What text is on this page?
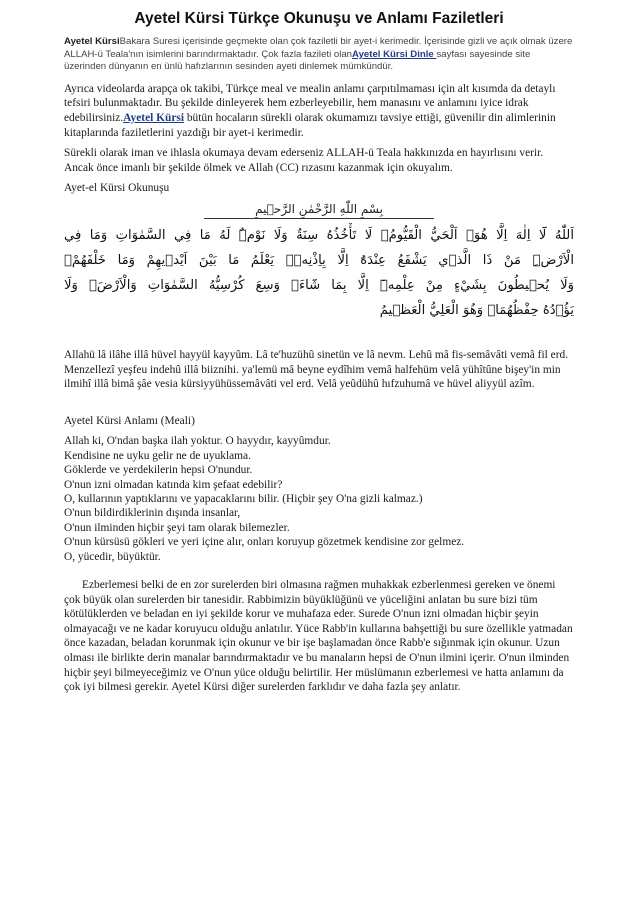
Ayetel Kürsi Türkçe Okunuşu ve Anlamı Faziletleri

Ayetel KürsiBakara Suresi içerisinde geçmekte olan çok faziletli bir ayet-i kerimedir. İçerisinde gizli ve açık olmak üzere ALLAH-ü Teala'nın isimlerini barındırmaktadır. Çok fazla fazileti olanAyetel Kürsi Dinle sayfası sayesinde site üzerinden dünyanın en ünlü hafızlarının sesinden ayeti dinlemek mümkündür.

Ayrıca videolarda arapça ok takibi, Türkçe meal ve mealin anlamı çarpıtılmaması için alt kısımda da detaylı tefsiri bulunmaktadır. Bu şekilde dinleyerek hem ezberleyebilir, hem manasını ve anlamını iyice idrak edebilirsiniz.Ayetel Kürsi bütün hocaların sürekli olarak okumamızı tavsiye ettiği, güvenilir din alimlerinin kitaplarında faziletlerini yazdığı bir ayet-i kerimedir.

Sürekli olarak iman ve ihlasla okumaya devam ederseniz ALLAH-ü Teala hakkınızda en hayırlısını verir. Ancak önce imanlı bir şekilde ölmek ve Allah (CC) rızasını kazanmak için okuyalım.

Ayet-el Kürsi Okunuşu

بِسْمِ اللّٰهِ الرَّحْمٰنِ الرَّح۪يمِ
اَللّٰهُ لَٓا اِلٰهَ اِلَّا هُوَۚ اَلْحَيُّ الْقَيُّومُۚ لَا تَأْخُذُهُ سِنَةٌ وَلَا نَوْمٌۜ لَهُ مَا فِي السَّمٰوَاتِ وَمَا فِي
الْاَرْضِۜ مَنْ ذَا الَّذ۪ي يَشْفَعُ عِنْدَهُٓ اِلَّا بِاِذْنِه۪ۜ يَعْلَمُ مَا بَيْنَ اَيْد۪يهِمْ وَمَا خَلْفَهُمْۚ
وَلَا يُح۪يطُونَ بِشَيْءٍ مِنْ عِلْمِه۪ٓ اِلَّا بِمَا شَٓاءَۚ وَسِعَ كُرْسِيُّهُ السَّمٰوَاتِ وَالْاَرْضَۚ وَلَا
يَؤُ۫دُهُ حِفْظُهُمَاۚ وَهُوَ الْعَلِيُّ الْعَظ۪يمُ

Allahü lâ ilâhe illâ hüvel hayyül kayyûm. Lâ te'huzühû sinetün ve lâ nevm. Lehû mâ fis-semâvâti vemâ fil erd. Menzellezî yeşfeu indehû illâ biiznihi. ya'lemü mâ beyne eydîhim vemâ halfehüm velâ yühîtûne bişey'in min ilmihî illâ bimâ şâe vesia kürsiyyühüssemâvâti vel erd. Velâ yeûdühû hıfzuhumâ ve hüvel aliyyül azîm.

Ayetel Kürsi Anlamı (Meali)

Allah ki, O'ndan başka ilah yoktur. O hayydır, kayyûmdur.
Kendisine ne uyku gelir ne de uyuklama.
Göklerde ve yerdekilerin hepsi O'nundur.
O'nun izni olmadan katında kim şefaat edebilir?
O, kullarının yaptıklarını ve yapacaklarını bilir. (Hiçbir şey O'na gizli kalmaz.)
O'nun bildirdiklerinin dışında insanlar,
O'nun ilminden hiçbir şeyi tam olarak bilemezler.
O'nun kürsüsü gökleri ve yeri içine alır, onları koruyup gözetmek kendisine zor gelmez.
O, yücedir, büyüktür.

Ezberlemesi belki de en zor surelerden biri olmasına rağmen muhakkak ezberlenmesi gereken ve önemi çok büyük olan surelerden bir tanesidir. Rabbimizin büyüklüğünü ve yüceliğini anlatan bu sure bizi tüm kötülüklerden ve beladan en iyi şekilde korur ve muhafaza eder. Surede O'nun izni olmadan hiçbir şeyin olmayacağı ve ne kadar koruyucu olduğu anlatılır. Yüce Rabb'in kullarına bahşettiği bu sure özellikle yatmadan önce kazadan, beladan korunmak için okunur ve bir işe başlamadan önce Rabb'e sığınmak için okunur. Uzun olması ile birlikte derin manalar barındırmaktadır ve bu manaların hepsi de O'nun ilmini içerir. O'nun ilminden hiçbir şeyi bilmeyeceğimiz ve O'nun yüce olduğu belirtilir. Her müslümanın ezberlemesi ve hatta anlamını da çok iyi bilmesi gerekir. Ayetel Kürsi diğer surelerden farklıdır ve daha fazla şey anlatır.
